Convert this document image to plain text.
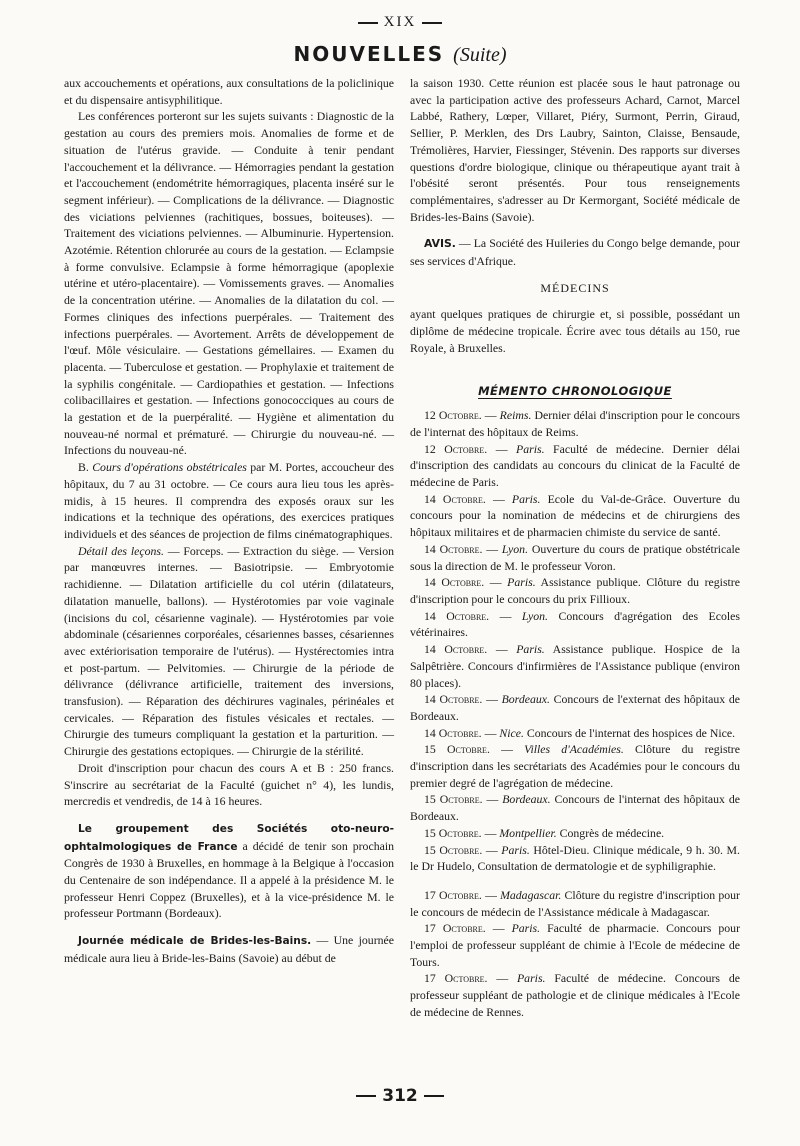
XIX
NOUVELLES (Suite)

aux accouchements et opérations, aux consultations de la policlinique et du dispensaire antisyphilitique.

Les conférences porteront sur les sujets suivants : Diagnostic de la gestation au cours des premiers mois. Anomalies de forme et de situation de l'utérus gravide. — Conduite à tenir pendant l'accouchement et la délivrance. — Hémorragies pendant la gestation et l'accouchement (endométrite hémorragiques, placenta inséré sur le segment inférieur). — Complications de la délivrance. — Diagnostic des viciations pelviennes (rachitiques, bossues, boiteuses). — Traitement des viciations pelviennes. — Albuminurie. Hypertension. Azotémie. Rétention chlorurée au cours de la gestation. — Eclampsie à forme convulsive. Eclampsie à forme hémorragique (apoplexie utérine et utéro-placentaire). — Vomissements graves. — Anomalies de la concentration utérine. — Anomalies de la dilatation du col. — Formes cliniques des infections puerpérales. — Traitement des infections puerpérales. — Avortement. Arrêts de développement de l'œuf. Môle vésiculaire. — Gestations gémellaires. — Examen du placenta. — Tuberculose et gestation. — Prophylaxie et traitement de la syphilis congénitale. — Cardiopathies et gestation. — Infections colibacillaires et gestation. — Infections gonococciques au cours de la gestation et de la puerpéralité. — Hygiène et alimentation du nouveau-né normal et prématuré. — Chirurgie du nouveau-né. — Infections du nouveau-né.

B. Cours d'opérations obstétricales par M. Portes, accoucheur des hôpitaux, du 7 au 31 octobre. — Ce cours aura lieu tous les après-midis, à 15 heures. Il comprendra des exposés oraux sur les indications et la technique des opérations, des exercices pratiques individuels et des séances de projection de films cinématographiques.

Détail des leçons. — Forceps. — Extraction du siège. — Version par manœuvres internes. — Basiotripsie. — Embryotomie rachidienne. — Dilatation artificielle du col utérin (dilatateurs, dilatation manuelle, ballons). — Hystérotomies par voie vaginale (incisions du col, césarienne vaginale). — Hystérotomies par voie abdominale (césariennes corporéales, césariennes basses, césariennes avec extériorisation temporaire de l'utérus). — Hystérectomies intra et post-partum. — Pelvitomies. — Chirurgie de la période de délivrance (délivrance artificielle, traitement des inversions, transfusion). — Réparation des déchirures vaginales, périnéales et cervicales. — Réparation des fistules vésicales et rectales. — Chirurgie des tumeurs compliquant la gestation et la parturition. — Chirurgie des gestations ectopiques. — Chirurgie de la stérilité.

Droit d'inscription pour chacun des cours A et B : 250 francs. S'inscrire au secrétariat de la Faculté (guichet n° 4), les lundis, mercredis et vendredis, de 14 à 16 heures.

Le groupement des Sociétés oto-neuro-ophtalmologiques de France a décidé de tenir son prochain Congrès de 1930 à Bruxelles, en hommage à la Belgique à l'occasion du Centenaire de son indépendance. Il a appelé à la présidence M. le professeur Henri Coppez (Bruxelles), et à la vice-présidence M. le professeur Portmann (Bordeaux).

Journée médicale de Brides-les-Bains. — Une journée médicale aura lieu à Bride-les-Bains (Savoie) au début de

la saison 1930. Cette réunion est placée sous le haut patronage ou avec la participation active des professeurs Achard, Carnot, Marcel Labbé, Rathery, Lœper, Villaret, Piéry, Surmont, Perrin, Giraud, Sellier, P. Merklen, des Drs Laubry, Sainton, Claisse, Bensaude, Trémolières, Harvier, Fiessinger, Stévenin. Des rapports sur diverses questions d'ordre biologique, clinique ou thérapeutique ayant trait à l'obésité seront présentés. Pour tous renseignements complémentaires, s'adresser au Dr Kermorgant, Société médicale de Brides-les-Bains (Savoie).

AVIS. — La Société des Huileries du Congo belge demande, pour ses services d'Afrique.

MÉDECINS

ayant quelques pratiques de chirurgie et, si possible, possédant un diplôme de médecine tropicale. Écrire avec tous détails au 150, rue Royale, à Bruxelles.

MÉMENTO CHRONOLOGIQUE

12 Octobre. — Reims. Dernier délai d'inscription pour le concours de l'internat des hôpitaux de Reims.

12 Octobre. — Paris. Faculté de médecine. Dernier délai d'inscription des candidats au concours du clinicat de la Faculté de médecine de Paris.

14 Octobre. — Paris. Ecole du Val-de-Grâce. Ouverture du concours pour la nomination de médecins et de chirurgiens des hôpitaux militaires et de pharmacien chimiste du service de santé.

14 Octobre. — Lyon. Ouverture du cours de pratique obstétricale sous la direction de M. le professeur Voron.

14 Octobre. — Paris. Assistance publique. Clôture du registre d'inscription pour le concours du prix Fillioux.

14 Octobre. — Lyon. Concours d'agrégation des Ecoles vétérinaires.

14 Octobre. — Paris. Assistance publique. Hospice de la Salpêtrière. Concours d'infirmières de l'Assistance publique (environ 80 places).

14 Octobre. — Bordeaux. Concours de l'externat des hôpitaux de Bordeaux.

14 Octobre. — Nice. Concours de l'internat des hospices de Nice.

15 Octobre. — Villes d'Académies. Clôture du registre d'inscription dans les secrétariats des Académies pour le concours du premier degré de l'agrégation de médecine.

15 Octobre. — Bordeaux. Concours de l'internat des hôpitaux de Bordeaux.

15 Octobre. — Montpellier. Congrès de médecine.

15 Octobre. — Paris. Hôtel-Dieu. Clinique médicale, 9 h. 30. M. le Dr Hudelo, Consultation de dermatologie et de syphiligraphie.

17 Octobre. — Madagascar. Clôture du registre d'inscription pour le concours de médecin de l'Assistance médicale à Madagascar.

17 Octobre. — Paris. Faculté de pharmacie. Concours pour l'emploi de professeur suppléant de chimie à l'Ecole de médecine de Tours.

17 Octobre. — Paris. Faculté de médecine. Concours de professeur suppléant de pathologie et de clinique médicales à l'Ecole de médecine de Rennes.

312
